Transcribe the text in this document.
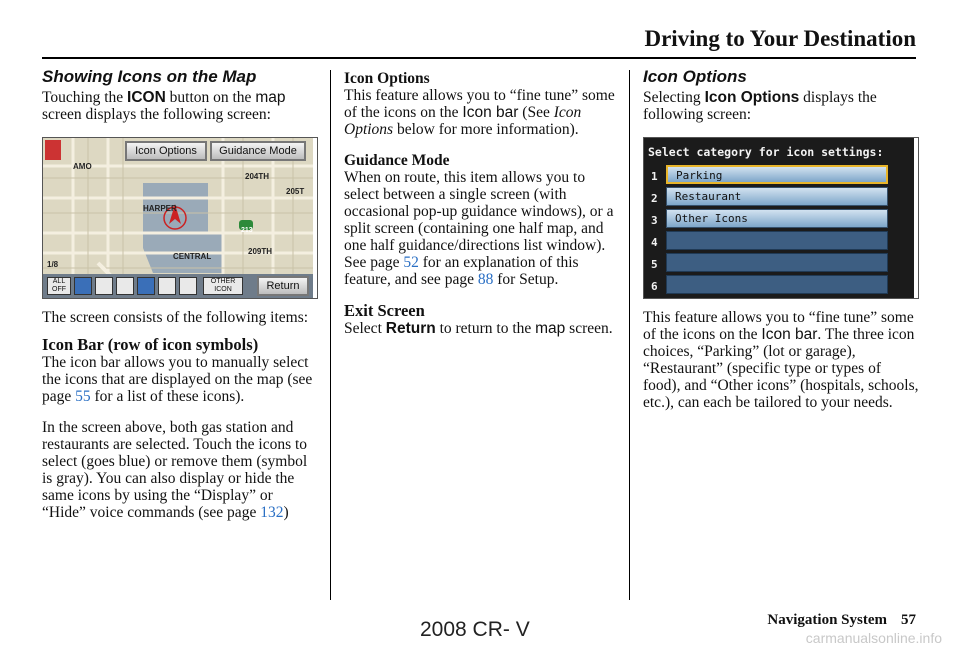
Driving to Your Destination
Showing Icons on the Map

Touching the ICON button on the map screen displays the following screen:

AMO
204TH
205T
HARPER
CENTRAL
209TH
213
1/8
Icon Options	Guidance Mode
ALL OFF
OTHER ICON	Return

The screen consists of the following items:

Icon Bar (row of icon symbols)

The icon bar allows you to manually select the icons that are displayed on the map (see page 55 for a list of these icons).

In the screen above, both gas station and restaurants are selected. Touch the icons to select (goes blue) or remove them (symbol is gray). You can also display or hide the same icons by using the “Display” or “Hide” voice commands (see page 132)

Icon Options

This feature allows you to “fine tune” some of the icons on the Icon bar (See Icon Options below for more information).

Guidance Mode

When on route, this item allows you to select between a single screen (with occasional pop-up guidance windows), or a split screen (containing one half map, and one half guidance/directions list window). See page 52 for an explanation of this feature, and see page 88 for Setup.

Exit Screen

Select Return to return to the map screen.

Icon Options

Selecting Icon Options displays the following screen:

Select category for icon settings:
1
2
3
4
5
6
Parking
Restaurant
Other Icons

This feature allows you to “fine tune” some of the icons on the Icon bar. The three icon choices, “Parking” (lot or garage), “Restaurant” (specific type or types of food), and “Other icons” (hospitals, schools, etc.), can each be tailored to your needs.

Navigation System 57
2008 CR- V	carmanualsonline.info
